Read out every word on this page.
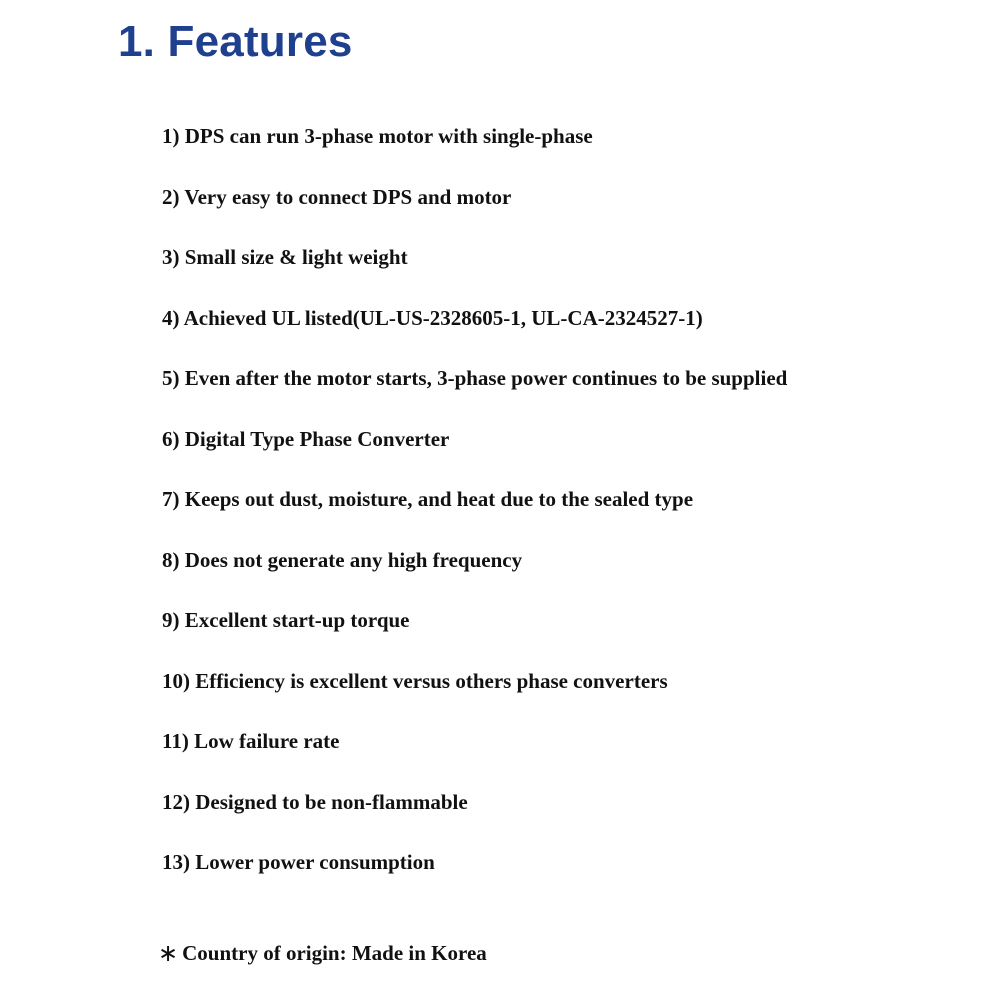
1. Features
1) DPS can run 3-phase motor with single-phase
2) Very easy to connect DPS and motor
3) Small size & light weight
4) Achieved UL listed(UL-US-2328605-1, UL-CA-2324527-1)
5) Even after the motor starts, 3-phase power continues to be supplied
6) Digital Type Phase Converter
7) Keeps out dust, moisture, and heat due to the sealed type
8) Does not generate any high frequency
9) Excellent start-up torque
10) Efficiency is excellent versus others phase converters
11) Low failure rate
12) Designed to be non-flammable
13) Lower power consumption

∗ Country of origin: Made in Korea
